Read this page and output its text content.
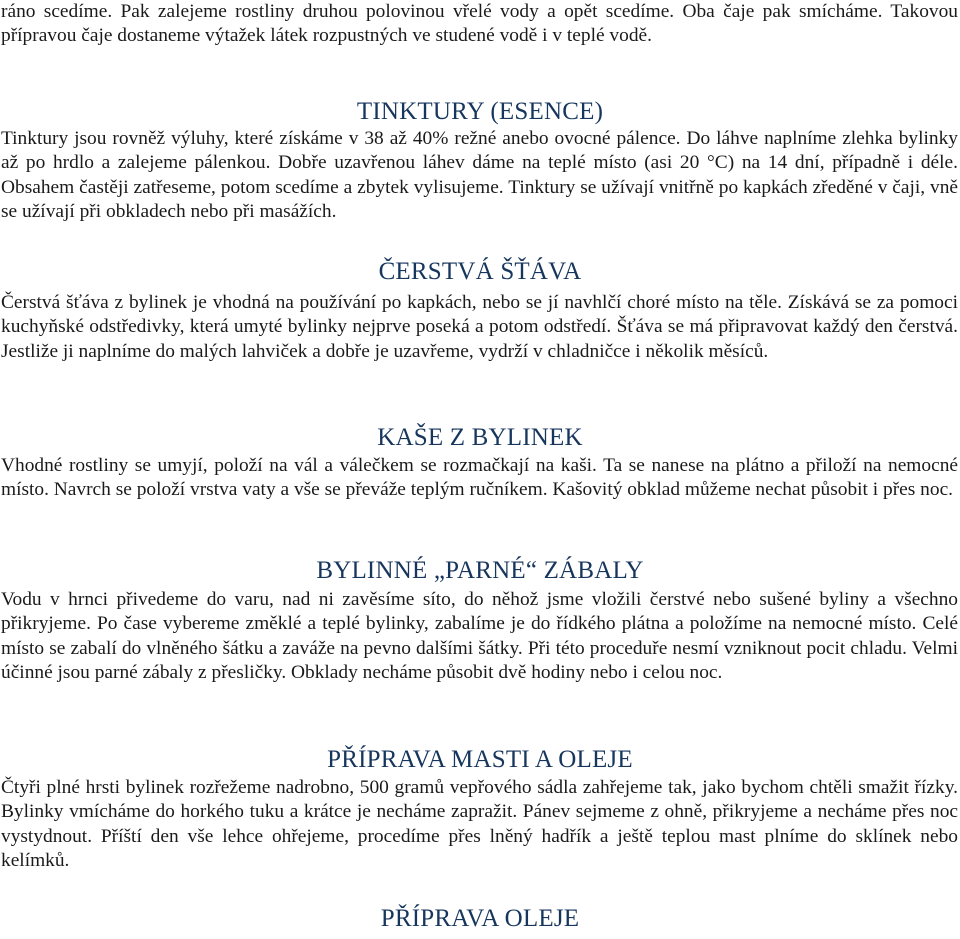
ráno scedíme. Pak zalejeme rostliny druhou polovinou vřelé vody a opět scedíme. Oba čaje pak smícháme. Takovou přípravou čaje dostaneme výtažek látek rozpustných ve studené vodě i v teplé vodě.

TINKTURY (ESENCE)

Tinktury jsou rovněž výluhy, které získáme v 38 až 40% režné anebo ovocné pálence. Do láhve naplníme zlehka bylinky až po hrdlo a zalejeme pálenkou. Dobře uzavřenou láhev dáme na teplé místo (asi 20 °C) na 14 dní, případně i déle. Obsahem častěji zatřeseme, potom scedíme a zbytek vylisujeme. Tinktury se užívají vnitřně po kapkách zředěné v čaji, vně se užívají při obkladech nebo při masážích.

ČERSTVÁ ŠŤÁVA

Čerstvá šťáva z bylinek je vhodná na používání po kapkách, nebo se jí navhlčí choré místo na těle. Získává se za pomoci kuchyňské odstředivky, která umyté bylinky nejprve poseká a potom odstředí. Šťáva se má připravovat každý den čerstvá. Jestliže ji naplníme do malých lahviček a dobře je uzavřeme, vydrží v chladničce i několik měsíců.

KAŠE Z BYLINEK

Vhodné rostliny se umyjí, položí na vál a válečkem se rozmačkají na kaši. Ta se nanese na plátno a přiloží na nemocné místo. Navrch se položí vrstva vaty a vše se převáže teplým ručníkem. Kašovitý obklad můžeme nechat působit i přes noc.

BYLINNÉ „PARNÉ“ ZÁBALY

Vodu v hrnci přivedeme do varu, nad ni zavěsíme síto, do něhož jsme vložili čerstvé nebo sušené byliny a všechno přikryjeme. Po čase vybereme změklé a teplé bylinky, zabalíme je do řídkého plátna a položíme na nemocné místo. Celé místo se zabalí do vlněného šátku a zaváže na pevno dalšími šátky. Při této proceduře nesmí vzniknout pocit chladu. Velmi účinné jsou parné zábaly z přesličky. Obklady necháme působit dvě hodiny nebo i celou noc.

PŘÍPRAVA MASTI A OLEJE

Čtyři plné hrsti bylinek rozřežeme nadrobno, 500 gramů vepřového sádla zahřejeme tak, jako bychom chtěli smažit řízky. Bylinky vmícháme do horkého tuku a krátce je necháme zapražit. Pánev sejmeme z ohně, přikryjeme a necháme přes noc vystydnout. Příští den vše lehce ohřejeme, procedíme přes lněný hadřík a ještě teplou mast plníme do sklínek nebo kelímků.

PŘÍPRAVA OLEJE
